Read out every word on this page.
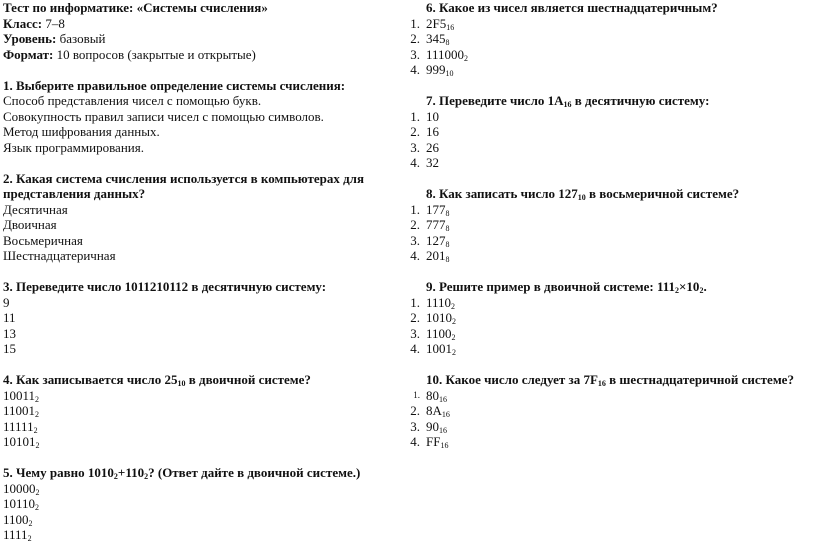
Тест по информатике: «Системы счисления»
Класс: 7–8
Уровень: базовый
Формат: 10 вопросов (закрытые и открытые)
1. Выберите правильное определение системы счисления:
Способ представления чисел с помощью букв.
Совокупность правил записи чисел с помощью символов.
Метод шифрования данных.
Язык программирования.
2. Какая система счисления используется в компьютерах для
представления данных?
Десятичная
Двоичная
Восьмеричная
Шестнадцатеричная
3. Переведите число 1011210112 в десятичную систему:
9
11
13
15
4. Как записывается число $25_{10}$ в двоичной системе?
$10011_2$
$11001_2$
$11111_2$
$10101_2$
5. Чему равно $1010_2+110_2$? (Ответ дайте в двоичной системе.)
$10000_2$
$10110_2$
$1100_2$
$1111_2$
6. Какое из чисел является шестнадцатеричным?
1. $2F5_{16}$
2. $345_8$
3. $111000_2$
4. $999_{10}$
7. Переведите число $1A_{16}$ в десятичную систему:
1. 10
2. 16
3. 26
4. 32
8. Как записать число $127_{10}$ в восьмеричной системе?
1. $177_8$
2. $777_8$
3. $127_8$
4. $201_8$
9. Решите пример в двоичной системе: $111_2\times 10_2$.
1. $1110_2$
2. $1010_2$
3. $1100_2$
4. $1001_2$
10. Какое число следует за $7F_{16}$ в шестнадцатеричной системе?
1. $80_{16}$
2. $8A_{16}$
3. $90_{16}$
4. $FF_{16}$
